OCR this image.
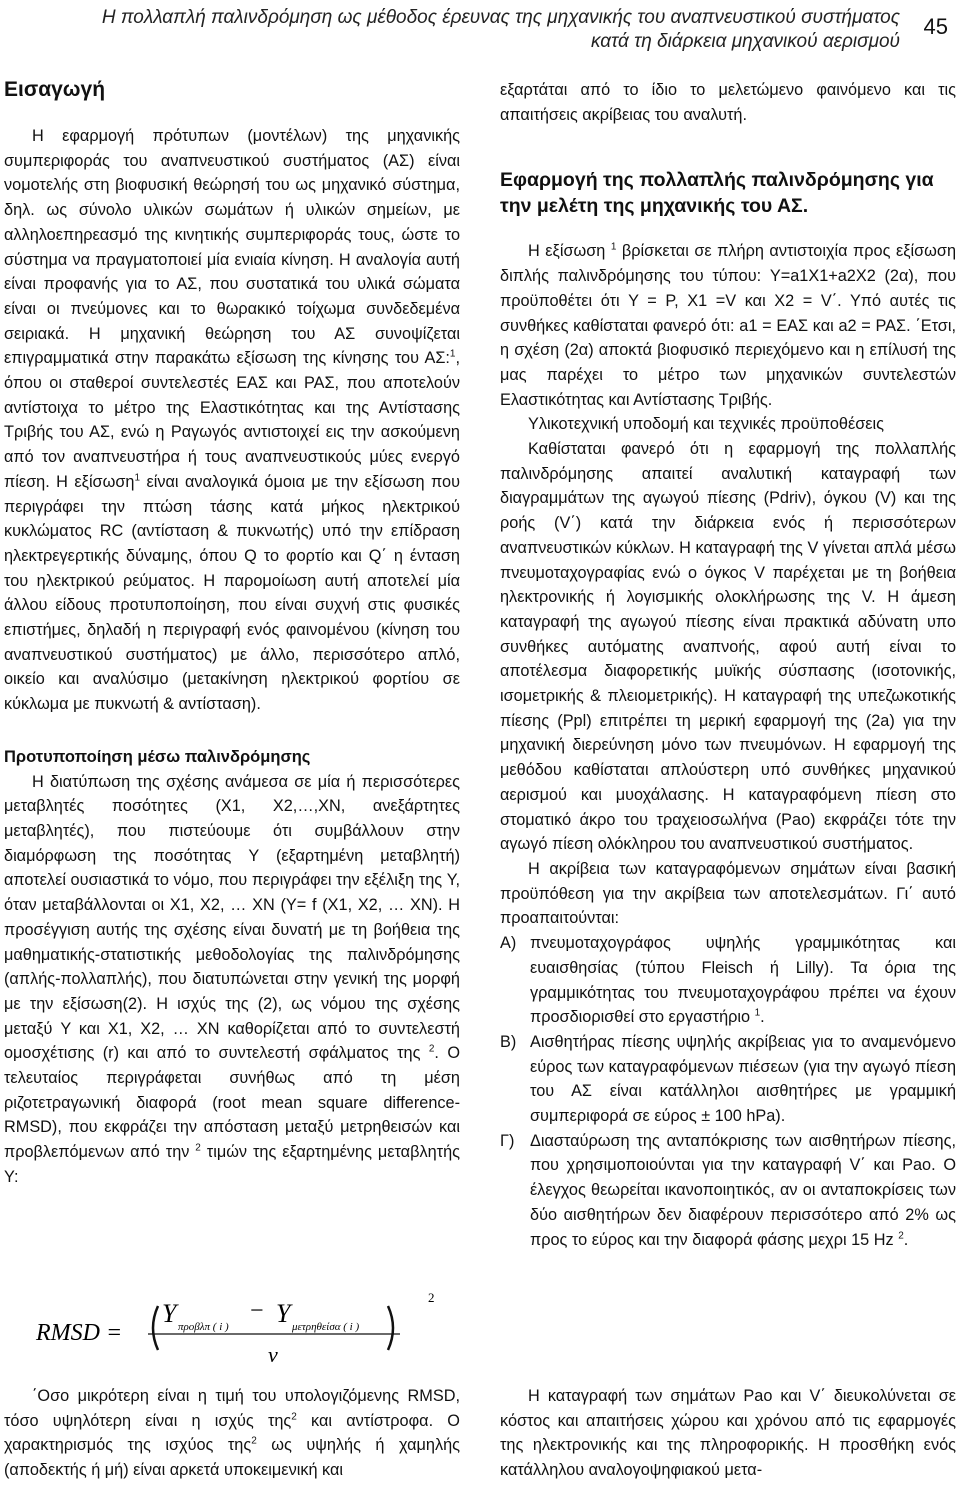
Η πολλαπλή παλινδρόμηση ως μέθοδος έρευνας της μηχανικής του αναπνευστικού συστήματος
κατά τη διάρκεια μηχανικού αερισμού
45
Εισαγωγή

Η εφαρμογή πρότυπων (μοντέλων) της μηχανικής συμπεριφοράς του αναπνευστικού συστήματος (ΑΣ) είναι νομοτελής στη βιοφυσική θεώρησή του ως μηχανικό σύστημα, δηλ. ως σύνολο υλικών σωμάτων ή υλικών σημείων, με αλληλοεπηρεασμό της κινητικής συμπεριφοράς τους, ώστε το σύστημα να πραγματοποιεί μία ενιαία κίνηση. Η αναλογία αυτή είναι προφανής για το ΑΣ, που συστατικά του υλικά σώματα είναι οι πνεύμονες και το θωρακικό τοίχωμα συνδεδεμένα σειριακά. Η μηχανική θεώρηση του ΑΣ συνοψίζεται επιγραμματικά στην παρακάτω εξίσωση της κίνησης του ΑΣ:$^1$, όπου οι σταθεροί συντελεστές ΕΑΣ και ΡΑΣ, που αποτελούν αντίστοιχα το μέτρο της Ελαστικότητας και της Αντίστασης Τριβής του ΑΣ, ενώ η Ραγωγός αντιστοιχεί εις την ασκούμενη από τον αναπνευστήρα ή τους αναπνευστικούς μύες ενεργό πίεση. Η εξίσωση$^1$ είναι αναλογικά όμοια με την εξίσωση που περιγράφει την πτώση τάσης κατά μήκος ηλεκτρικού κυκλώματος RC (αντίσταση & πυκνωτής) υπό την επίδραση ηλεκτρεγερτικής δύναμης, όπου Q το φορτίο και Q΄ η ένταση του ηλεκτρικού ρεύματος. Η παρομοίωση αυτή αποτελεί μία άλλου είδους προτυποποίηση, που είναι συχνή στις φυσικές επιστήμες, δηλαδή η περιγραφή ενός φαινομένου (κίνηση του αναπνευστικού συστήματος) με άλλο, περισσότερο απλό, οικείο και αναλύσιμο (μετακίνηση ηλεκτρικού φορτίου σε κύκλωμα με πυκνωτή & αντίσταση).

Προτυποποίηση μέσω παλινδρόμησης

Η διατύπωση της σχέσης ανάμεσα σε μία ή περισσότερες μεταβλητές ποσότητες (Χ1, Χ2,…,ΧΝ, ανεξάρτητες μεταβλητές), που πιστεύουμε ότι συμβάλλουν στην διαμόρφωση της ποσότητας Y (εξαρτημένη μεταβλητή) αποτελεί ουσιαστικά το νόμο, που περιγράφει την εξέλιξη της Y, όταν μεταβάλλονται οι Χ1, Χ2, … ΧΝ (Y= f (Χ1, Χ2, … ΧΝ). Η προσέγγιση αυτής της σχέσης είναι δυνατή με τη βοήθεια της μαθηματικής-στατιστικής μεθοδολογίας της παλινδρόμησης (απλής-πολλαπλής), που διατυπώνεται στην γενική της μορφή με την εξίσωση(2). Η ισχύς της (2), ως νόμου της σχέσης μεταξύ Y και Χ1, Χ2, … ΧΝ καθορίζεται από το συντελεστή ομοσχέτισης (r) και από το συντελεστή σφάλματος της $^2$. Ο τελευταίος περιγράφεται συνήθως από τη μέση ριζοτετραγωνική διαφορά (root mean square difference-RMSD), που εκφράζει την απόσταση μεταξύ μετρηθεισών και προβλεπόμενων από την $^2$ τιμών της εξαρτημένης μεταβλητής Y:

RMSD =
Y προβλπ ( i )
− Y μετρηθείσα ( i )
ν
2

΄Οσο μικρότερη είναι η τιμή του υπολογιζόμενης RMSD, τόσο υψηλότερη είναι η ισχύς της$^2$ και αντίστροφα. Ο χαρακτηρισμός της ισχύος της$^2$ ως υψηλής ή χαμηλής (αποδεκτής ή μή) είναι αρκετά υποκειμενική και

εξαρτάται από το ίδιο το μελετώμενο φαινόμενο και τις απαιτήσεις ακρίβειας του αναλυτή.

Εφαρμογή της πολλαπλής παλινδρόμησης για την μελέτη της μηχανικής του ΑΣ.

Η εξίσωση $^1$ βρίσκεται σε πλήρη αντιστοιχία προς εξίσωση διπλής παλινδρόμησης του τύπου: Y=a1X1+a2X2 (2α), που προϋποθέτει ότι Y = P, X1 =V και X2 = V΄. Υπό αυτές τις συνθήκες καθίσταται φανερό ότι: a1 = ΕΑΣ και a2 = ΡΑΣ. ΄Ετσι, η σχέση (2α) αποκτά βιοφυσικό περιεχόμενο και η επίλυσή της μας παρέχει το μέτρο των μηχανικών συντελεστών Ελαστικότητας και Αντίστασης Τριβής.

Υλικοτεχνική υποδομή και τεχνικές προϋποθέσεις

Καθίσταται φανερό ότι η εφαρμογή της πολλαπλής παλινδρόμησης απαιτεί αναλυτική καταγραφή των διαγραμμάτων της αγωγού πίεσης (Pdriv), όγκου (V) και της ροής (V΄) κατά την διάρκεια ενός ή περισσότερων αναπνευστικών κύκλων. Η καταγραφή της V γίνεται απλά μέσω πνευμοταχογραφίας ενώ ο όγκος V παρέχεται με τη βοήθεια ηλεκτρονικής ή λογισμικής ολοκλήρωσης της V. Η άμεση καταγραφή της αγωγού πίεσης είναι πρακτικά αδύνατη υπο συνθήκες αυτόματης αναπνοής, αφού αυτή είναι το αποτέλεσμα διαφορετικής μυϊκής σύσπασης (ισοτονικής, ισομετρικής & πλειομετρικής). Η καταγραφή της υπεζωκοτικής πίεσης (Ppl) επιτρέπει τη μερική εφαρμογή της (2a) για την μηχανική διερεύνηση μόνο των πνευμόνων. Η εφαρμογή της μεθόδου καθίσταται απλούστερη υπό συνθήκες μηχανικού αερισμού και μυοχάλασης. Η καταγραφόμενη πίεση στο στοματικό άκρο του τραχειοσωλήνα (Pao) εκφράζει τότε την αγωγό πίεση ολόκληρου του αναπνευστικού συστήματος.

Η ακρίβεια των καταγραφόμενων σημάτων είναι βασική προϋπόθεση για την ακρίβεια των αποτελεσμάτων. Γι΄ αυτό προαπαιτούνται:

Α) πνευμοταχογράφος υψηλής γραμμικότητας και ευαισθησίας (τύπου Fleisch ή Lilly). Τα όρια της γραμμικότητας του πνευμοταχογράφου πρέπει να έχουν προσδιορισθεί στο εργαστήριο $^1$.
Β) Αισθητήρας πίεσης υψηλής ακρίβειας για το αναμενόμενο εύρος των καταγραφόμενων πιέσεων (για την αγωγό πίεση του ΑΣ είναι κατάλληλοι αισθητήρες με γραμμική συμπεριφορά σε εύρος ± 100 hPa).
Γ) Διασταύρωση της ανταπόκρισης των αισθητήρων πίεσης, που χρησιμοποιούνται για την καταγραφή V΄ και Pao. Ο έλεγχος θεωρείται ικανοποιητικός, αν οι ανταποκρίσεις των δύο αισθητήρων δεν διαφέρουν περισσότερο από 2% ως προς το εύρος και την διαφορά φάσης μεχρι 15 Hz $^2$.

Η καταγραφή των σημάτων Pao και V΄ διευκολύνεται σε κόστος και απαιτήσεις χώρου και χρόνου από τις εφαρμογές της ηλεκτρονικής και της πληροφορικής. Η προσθήκη ενός κατάλληλου αναλογοψηφιακού μετα-
